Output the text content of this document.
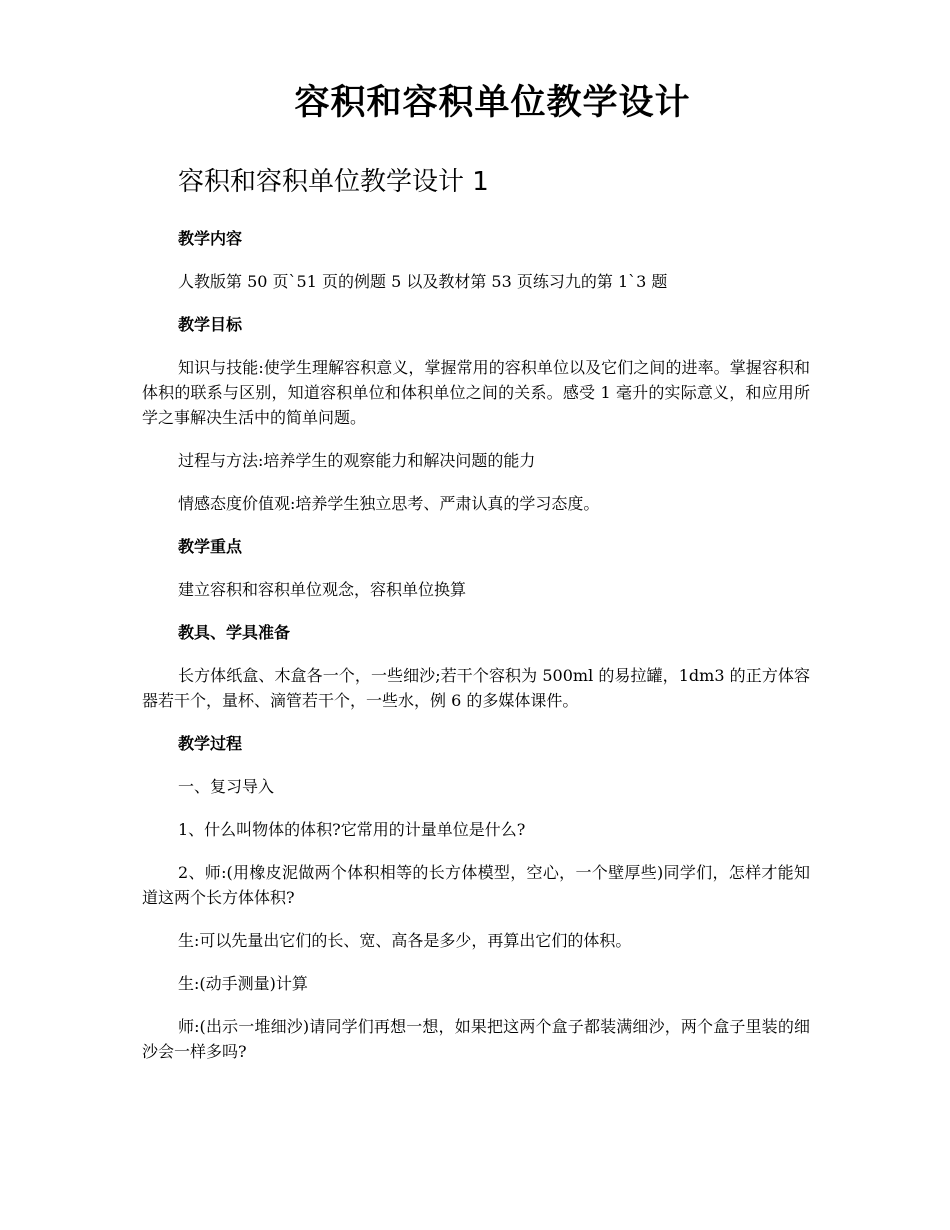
容积和容积单位教学设计
容积和容积单位教学设计 1

教学内容

人教版第 50 页`51 页的例题 5 以及教材第 53 页练习九的第 1`3 题

教学目标

知识与技能:使学生理解容积意义，掌握常用的容积单位以及它们之间的进率。掌握容积和体积的联系与区别，知道容积单位和体积单位之间的关系。感受 1 毫升的实际意义，和应用所学之事解决生活中的简单问题。

过程与方法:培养学生的观察能力和解决问题的能力

情感态度价值观:培养学生独立思考、严肃认真的学习态度。

教学重点

建立容积和容积单位观念，容积单位换算

教具、学具准备

长方体纸盒、木盒各一个，一些细沙;若干个容积为 500ml 的易拉罐，1dm3 的正方体容器若干个，量杯、滴管若干个，一些水，例 6 的多媒体课件。

教学过程

一、复习导入

1、什么叫物体的体积?它常用的计量单位是什么?

2、师:(用橡皮泥做两个体积相等的长方体模型，空心，一个壁厚些)同学们，怎样才能知道这两个长方体体积?

生:可以先量出它们的长、宽、高各是多少，再算出它们的体积。

生:(动手测量)计算

师:(出示一堆细沙)请同学们再想一想，如果把这两个盒子都装满细沙，两个盒子里装的细沙会一样多吗?
